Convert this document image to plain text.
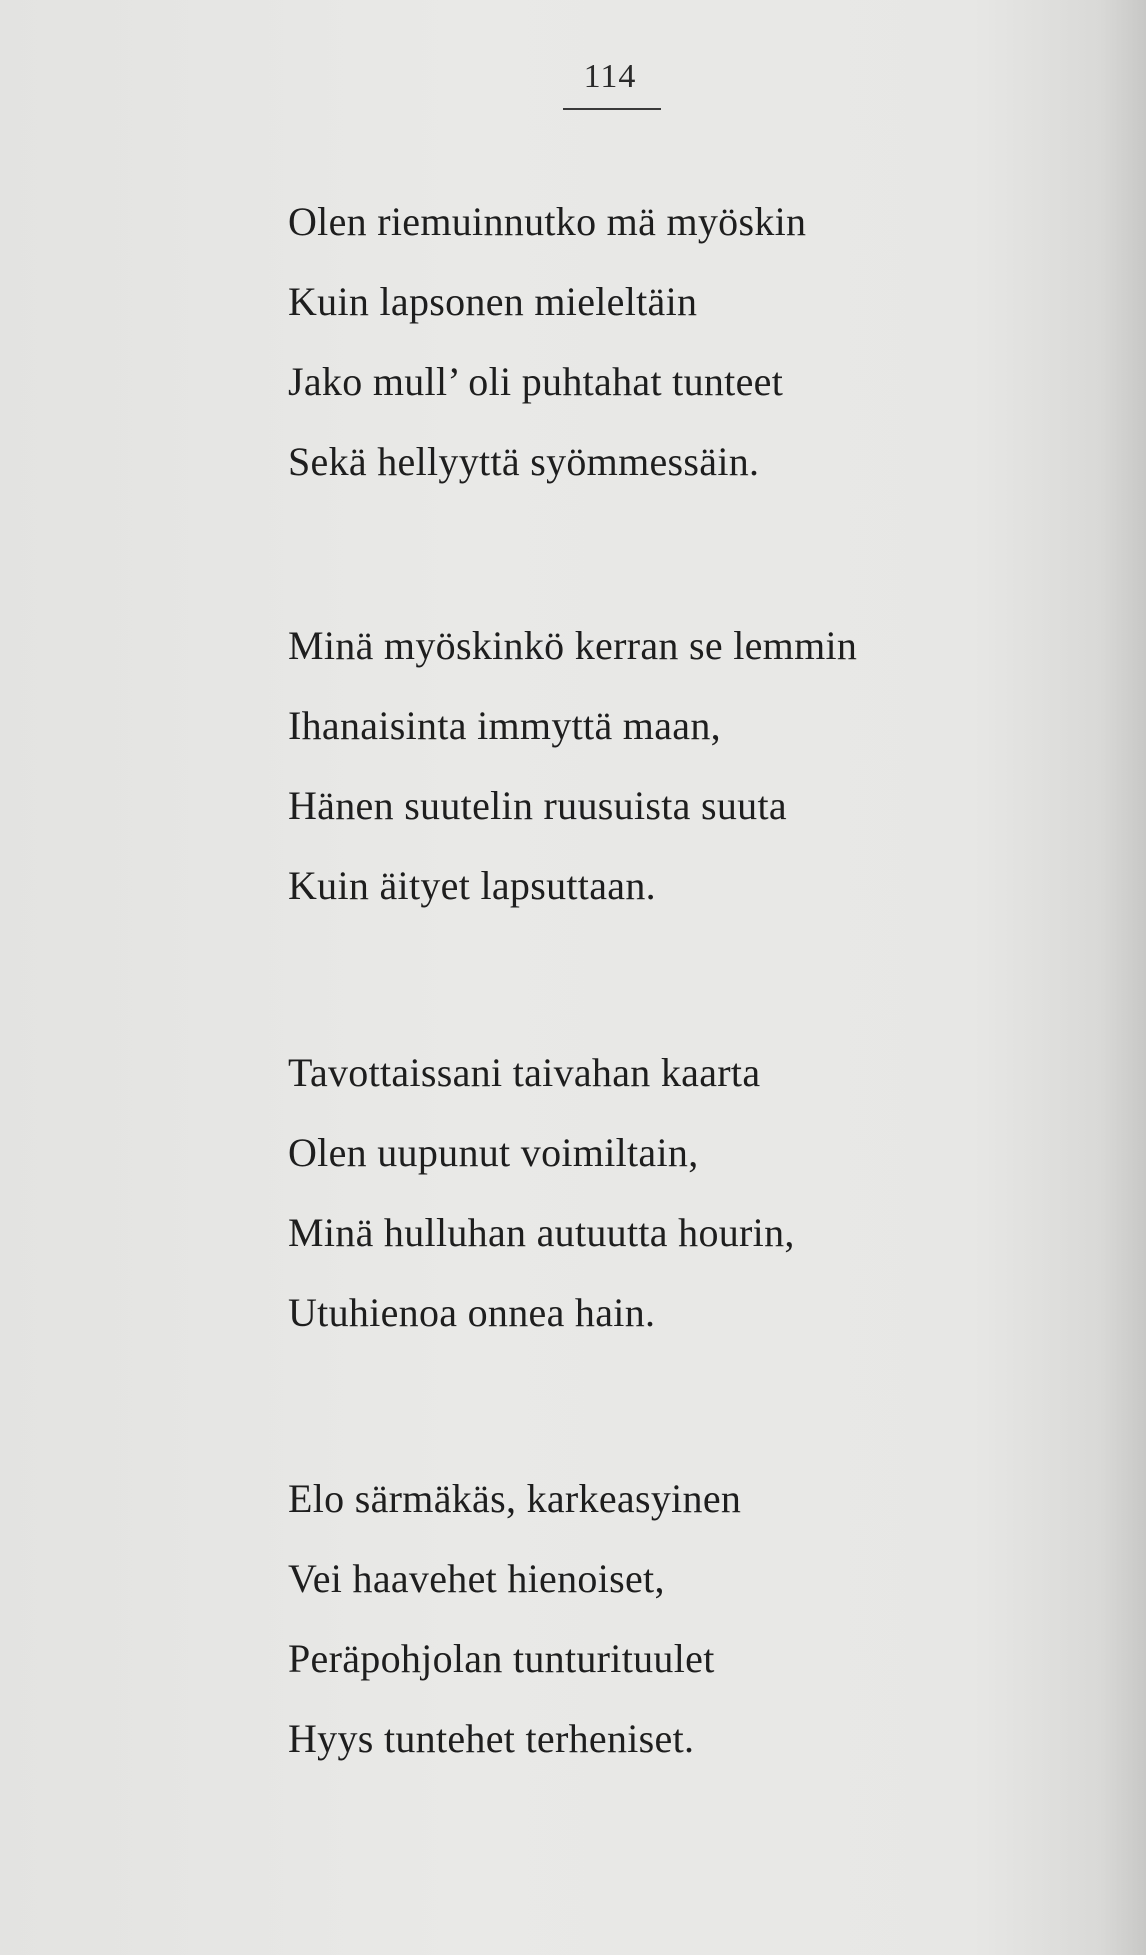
114
Olen riemuinnutko mä myöskin
Kuin lapsonen mieleltäin
Jako mull’ oli puhtahat tunteet
Sekä hellyyttä syömmessäin.
Minä myöskinkö kerran se lemmin
Ihanaisinta immyttä maan,
Hänen suutelin ruusuista suuta
Kuin äityet lapsuttaan.
Tavottaissani taivahan kaarta
Olen uupunut voimiltain,
Minä hulluhan autuutta hourin,
Utuhienoa onnea hain.
Elo särmäkäs, karkeasyinen
Vei haavehet hienoiset,
Peräpohjolan tunturituulet
Hyys tuntehet terheniset.
